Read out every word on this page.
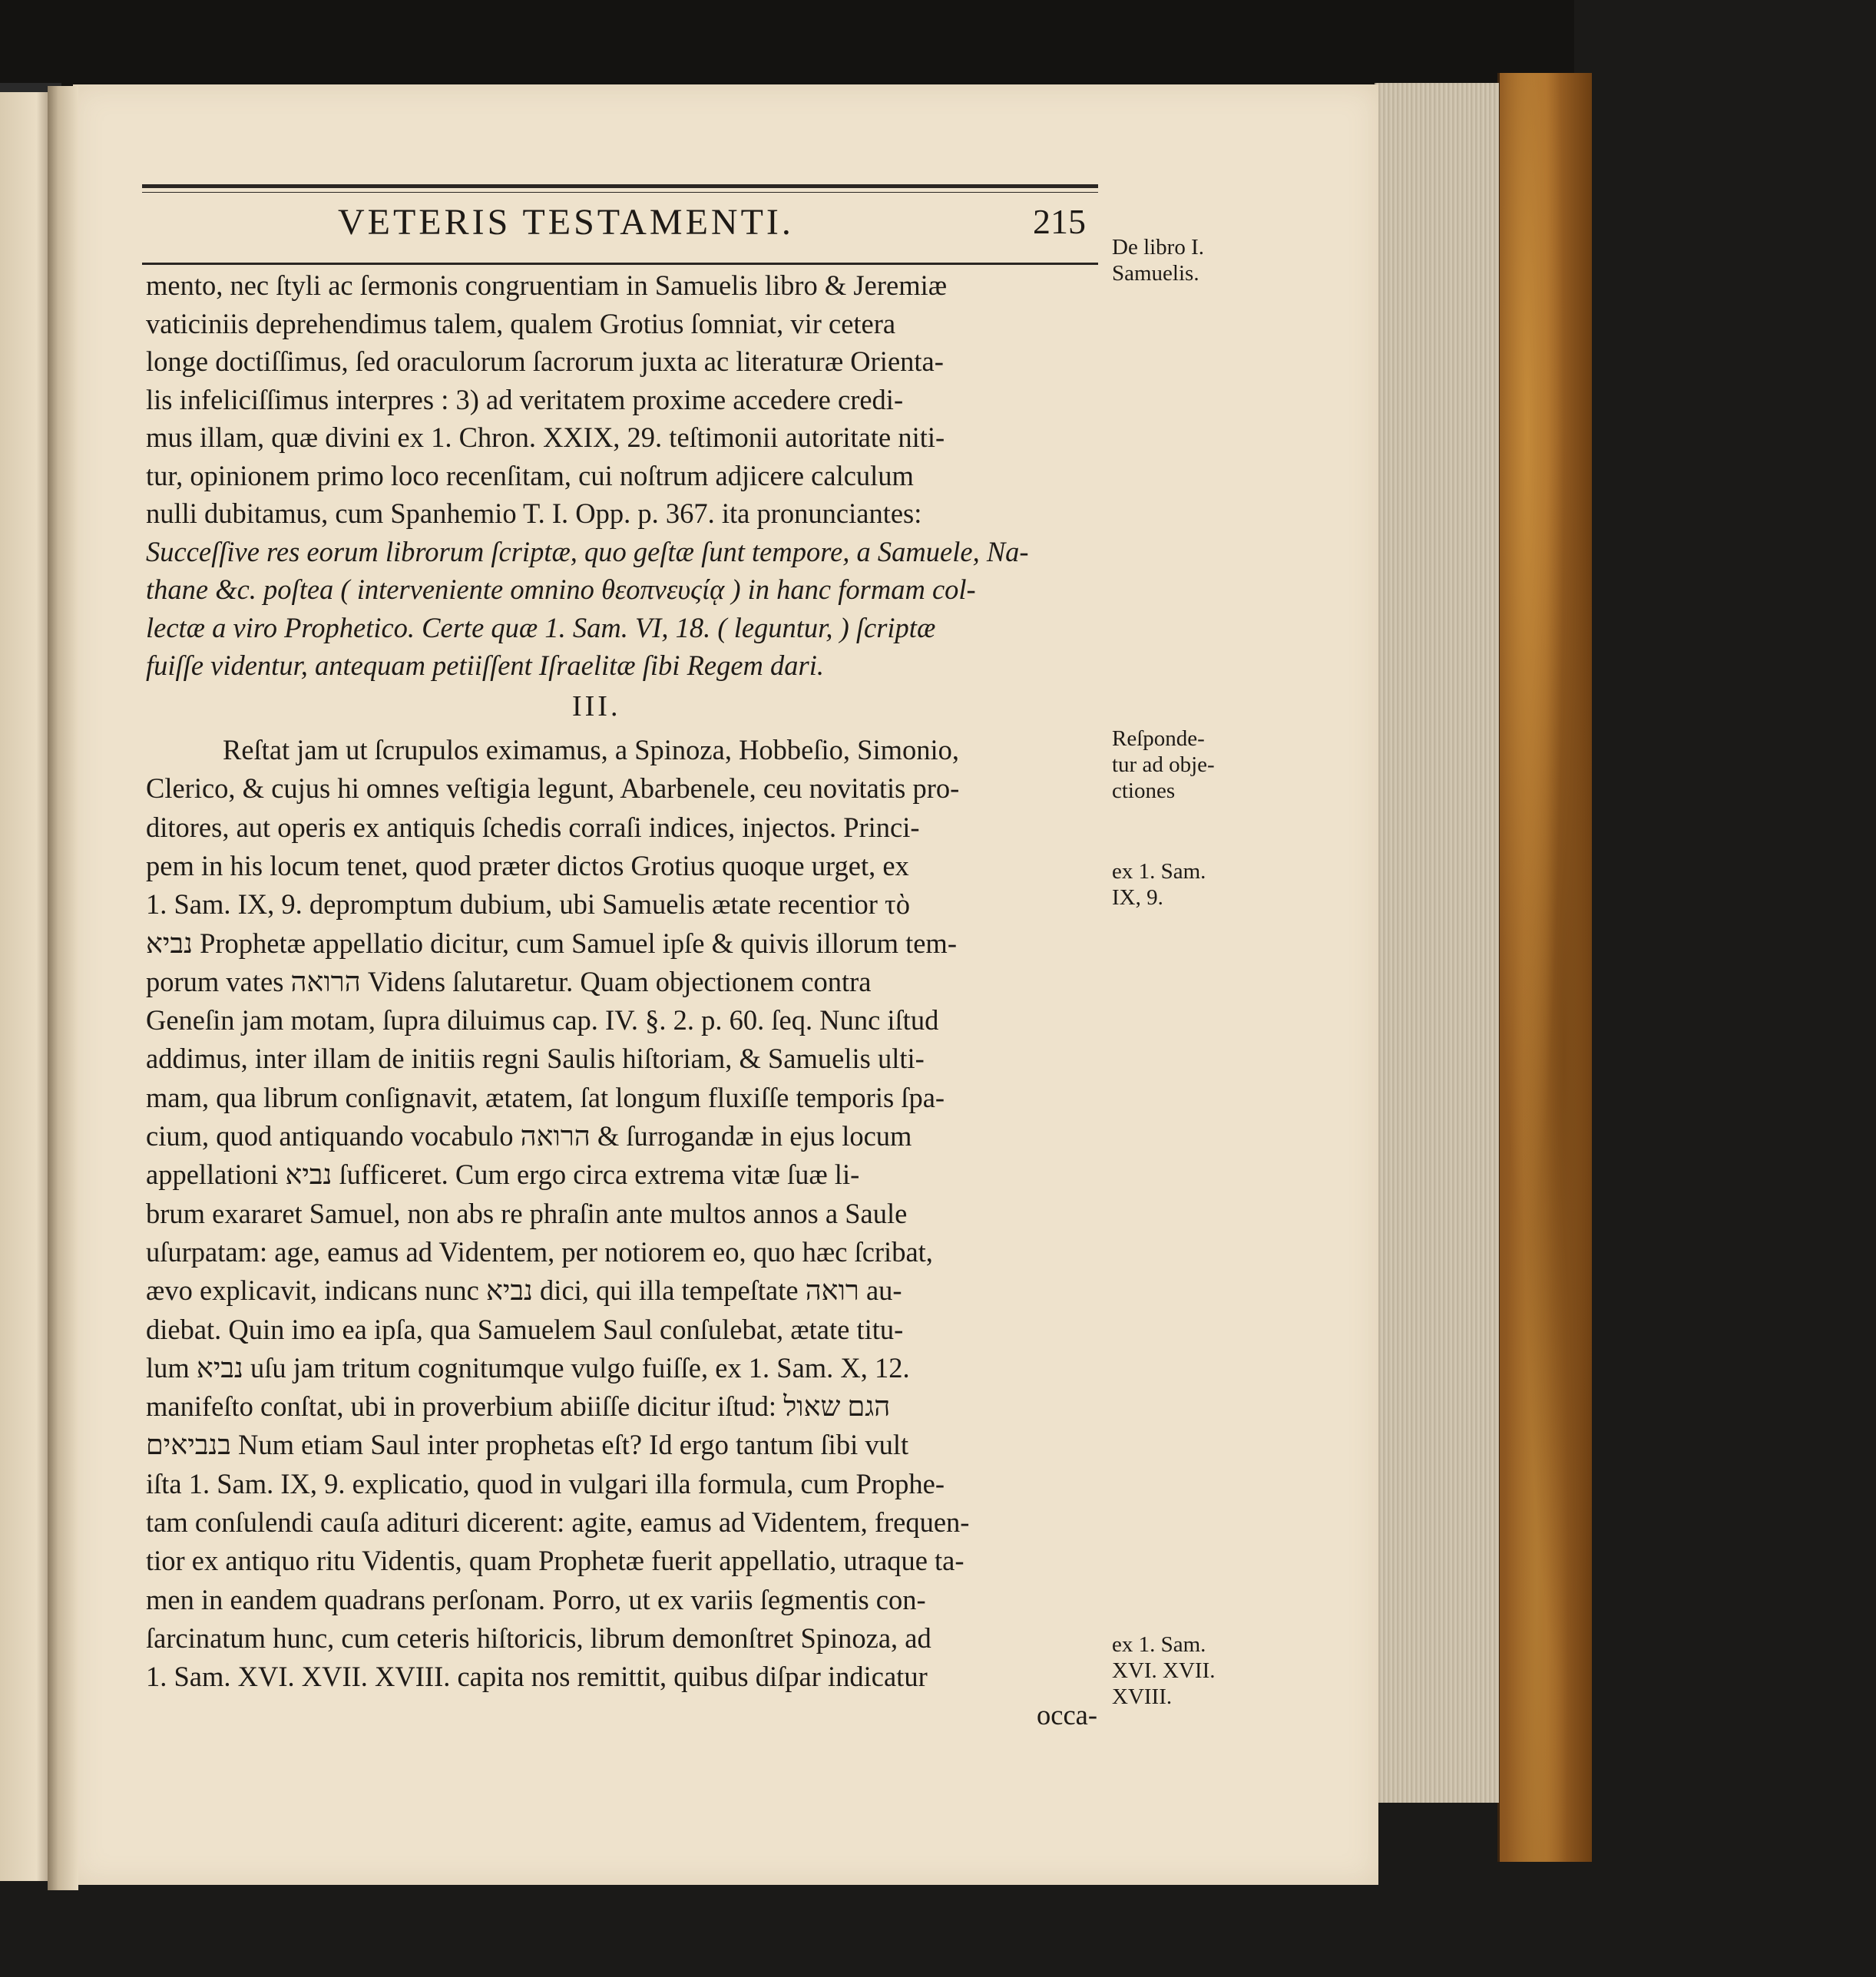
VETERIS TESTAMENTI.	215
mento, nec ſtyli ac ſermonis congruentiam in Samuelis libro & Jeremiæ
vaticiniis deprehendimus talem, qualem Grotius ſomniat, vir cetera
longe doctiſſimus, ſed oraculorum ſacrorum juxta ac literaturæ Orienta-
lis infeliciſſimus interpres : 3) ad veritatem proxime accedere credi-
mus illam, quæ divini ex 1. Chron. XXIX, 29. teſtimonii autoritate niti-
tur, opinionem primo loco recenſitam, cui noſtrum adjicere calculum
nulli dubitamus, cum Spanhemio T. I. Opp. p. 367. ita pronunciantes:
Succeſſive res eorum librorum ſcriptæ, quo geſtæ ſunt tempore, a Samuele, Na-
thane &c. poſtea ( interveniente omnino θεοπνευςίᾳ ) in hanc formam col-
lectæ a viro Prophetico. Certe quæ 1. Sam. VI, 18. ( leguntur, ) ſcriptæ
fuiſſe videntur, antequam petiiſſent Iſraelitæ ſibi Regem dari.
III.
Reſtat jam ut ſcrupulos eximamus, a Spinoza, Hobbeſio, Simonio,
Clerico, & cujus hi omnes veſtigia legunt, Abarbenele, ceu novitatis pro-
ditores, aut operis ex antiquis ſchedis corraſi indices, injectos. Princi-
pem in his locum tenet, quod præter dictos Grotius quoque urget, ex
1. Sam. IX, 9. depromptum dubium, ubi Samuelis ætate recentior τὸ
נביא Prophetæ appellatio dicitur, cum Samuel ipſe & quivis illorum tem-
porum vates הרואה Videns ſalutaretur. Quam objectionem contra
Geneſin jam motam, ſupra diluimus cap. IV. §. 2. p. 60. ſeq. Nunc iſtud
addimus, inter illam de initiis regni Saulis hiſtoriam, & Samuelis ulti-
mam, qua librum conſignavit, ætatem, ſat longum fluxiſſe temporis ſpa-
cium, quod antiquando vocabulo הרואה & ſurrogandæ in ejus locum
appellationi נביא ſufficeret. Cum ergo circa extrema vitæ ſuæ li-
brum exararet Samuel, non abs re phraſin ante multos annos a Saule
uſurpatam: age, eamus ad Videntem, per notiorem eo, quo hæc ſcribat,
ævo explicavit, indicans nunc נביא dici, qui illa tempeſtate רואה au-
diebat. Quin imo ea ipſa, qua Samuelem Saul conſulebat, ætate titu-
lum נביא uſu jam tritum cognitumque vulgo fuiſſe, ex 1. Sam. X, 12.
manifeſto conſtat, ubi in proverbium abiiſſe dicitur iſtud: הגם שאול
בנביאים Num etiam Saul inter prophetas eſt? Id ergo tantum ſibi vult
iſta 1. Sam. IX, 9. explicatio, quod in vulgari illa formula, cum Prophe-
tam conſulendi cauſa adituri dicerent: agite, eamus ad Videntem, frequen-
tior ex antiquo ritu Videntis, quam Prophetæ fuerit appellatio, utraque ta-
men in eandem quadrans perſonam. Porro, ut ex variis ſegmentis con-
ſarcinatum hunc, cum ceteris hiſtoricis, librum demonſtret Spinoza, ad
1. Sam. XVI. XVII. XVIII. capita nos remittit, quibus diſpar indicatur
occa-
De libro I.
Samuelis.
Reſponde-
tur ad obje-
ctiones
ex 1. Sam.
IX, 9.
ex 1. Sam.
XVI. XVII.
XVIII.
